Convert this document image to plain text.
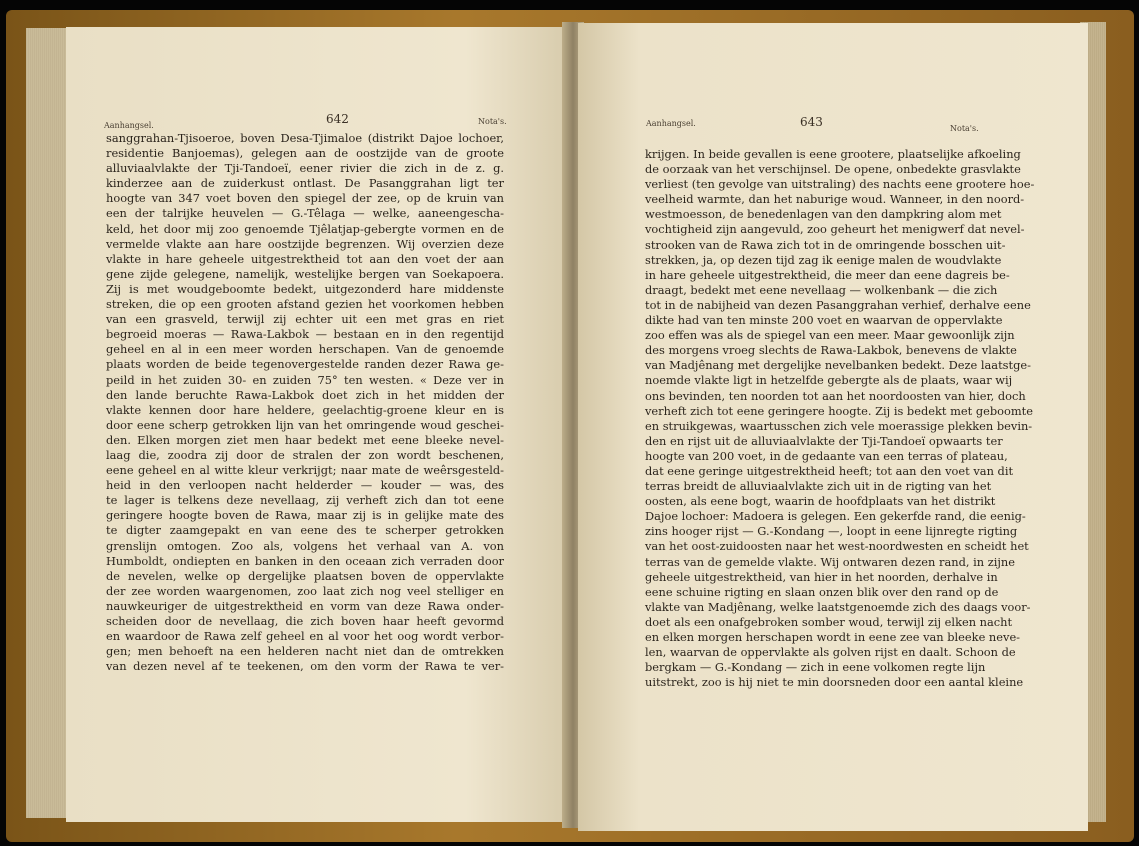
Aanhangsel.	642	Nota's.	Aanhangsel.	643	Nota's.
sanggrahan-Tjisoeroe, boven Desa-Tjimaloe (distrikt Dajoe lochoer,
residentie Banjoemas), gelegen aan de oostzijde van de groote
alluviaalvlakte der Tji-Tandoeï, eener rivier die zich in de z. g.
kinderzee aan de zuiderkust ontlast. De Pasanggrahan ligt ter
hoogte van 347 voet boven den spiegel der zee, op de kruin van
een der talrijke heuvelen — G.-Têlaga — welke, aaneengescha-
keld, het door mij zoo genoemde Tjêlatjap-gebergte vormen en de
vermelde vlakte aan hare oostzijde begrenzen. Wij overzien deze
vlakte in hare geheele uitgestrektheid tot aan den voet der aan
gene zijde gelegene, namelijk, westelijke bergen van Soekapoera.
Zij is met woudgeboomte bedekt, uitgezonderd hare middenste
streken, die op een grooten afstand gezien het voorkomen hebben
van een grasveld, terwijl zij echter uit een met gras en riet
begroeid moeras — Rawa-Lakbok — bestaan en in den regentijd
geheel en al in een meer worden herschapen. Van de genoemde
plaats worden de beide tegenovergestelde randen dezer Rawa ge-
peild in het zuiden 30- en zuiden 75° ten westen. « Deze ver in
den lande beruchte Rawa-Lakbok doet zich in het midden der
vlakte kennen door hare heldere, geelachtig-groene kleur en is
door eene scherp getrokken lijn van het omringende woud geschei-
den. Elken morgen ziet men haar bedekt met eene bleeke nevel-
laag die, zoodra zij door de stralen der zon wordt beschenen,
eene geheel en al witte kleur verkrijgt; naar mate de weêrsgesteld-
heid in den verloopen nacht helderder — kouder — was, des
te lager is telkens deze nevellaag, zij verheft zich dan tot eene
geringere hoogte boven de Rawa, maar zij is in gelijke mate des
te digter zaamgepakt en van eene des te scherper getrokken
grenslijn omtogen. Zoo als, volgens het verhaal van A. von
Humboldt, ondiepten en banken in den oceaan zich verraden door
de nevelen, welke op dergelijke plaatsen boven de oppervlakte
der zee worden waargenomen, zoo laat zich nog veel stelliger en
nauwkeuriger de uitgestrektheid en vorm van deze Rawa onder-
scheiden door de nevellaag, die zich boven haar heeft gevormd
en waardoor de Rawa zelf geheel en al voor het oog wordt verbor-
gen; men behoeft na een helderen nacht niet dan de omtrekken
van dezen nevel af te teekenen, om den vorm der Rawa te ver-
krijgen. In beide gevallen is eene grootere, plaatselijke afkoeling
de oorzaak van het verschijnsel. De opene, onbedekte grasvlakte
verliest (ten gevolge van uitstraling) des nachts eene grootere hoe-
veelheid warmte, dan het naburige woud. Wanneer, in den noord-
westmoesson, de benedenlagen van den dampkring alom met
vochtigheid zijn aangevuld, zoo geheurt het menigwerf dat nevel-
strooken van de Rawa zich tot in de omringende bosschen uit-
strekken, ja, op dezen tijd zag ik eenige malen de woudvlakte
in hare geheele uitgestrektheid, die meer dan eene dagreis be-
draagt, bedekt met eene nevellaag — wolkenbank — die zich
tot in de nabijheid van dezen Pasanggrahan verhief, derhalve eene
dikte had van ten minste 200 voet en waarvan de oppervlakte
zoo effen was als de spiegel van een meer. Maar gewoonlijk zijn
des morgens vroeg slechts de Rawa-Lakbok, benevens de vlakte
van Madjênang met dergelijke nevelbanken bedekt. Deze laatstge-
noemde vlakte ligt in hetzelfde gebergte als de plaats, waar wij
ons bevinden, ten noorden tot aan het noordoosten van hier, doch
verheft zich tot eene geringere hoogte. Zij is bedekt met geboomte
en struikgewas, waartusschen zich vele moerassige plekken bevin-
den en rijst uit de alluviaalvlakte der Tji-Tandoeï opwaarts ter
hoogte van 200 voet, in de gedaante van een terras of plateau,
dat eene geringe uitgestrektheid heeft; tot aan den voet van dit
terras breidt de alluviaalvlakte zich uit in de rigting van het
oosten, als eene bogt, waarin de hoofdplaats van het distrikt
Dajoe lochoer: Madoera is gelegen. Een gekerfde rand, die eenig-
zins hooger rijst — G.-Kondang —, loopt in eene lijnregte rigting
van het oost-zuidoosten naar het west-noordwesten en scheidt het
terras van de gemelde vlakte. Wij ontwaren dezen rand, in zijne
geheele uitgestrektheid, van hier in het noorden, derhalve in
eene schuine rigting en slaan onzen blik over den rand op de
vlakte van Madjênang, welke laatstgenoemde zich des daags voor-
doet als een onafgebroken somber woud, terwijl zij elken nacht
en elken morgen herschapen wordt in eene zee van bleeke neve-
len, waarvan de oppervlakte als golven rijst en daalt. Schoon de
bergkam — G.-Kondang — zich in eene volkomen regte lijn
uitstrekt, zoo is hij niet te min doorsneden door een aantal kleine
